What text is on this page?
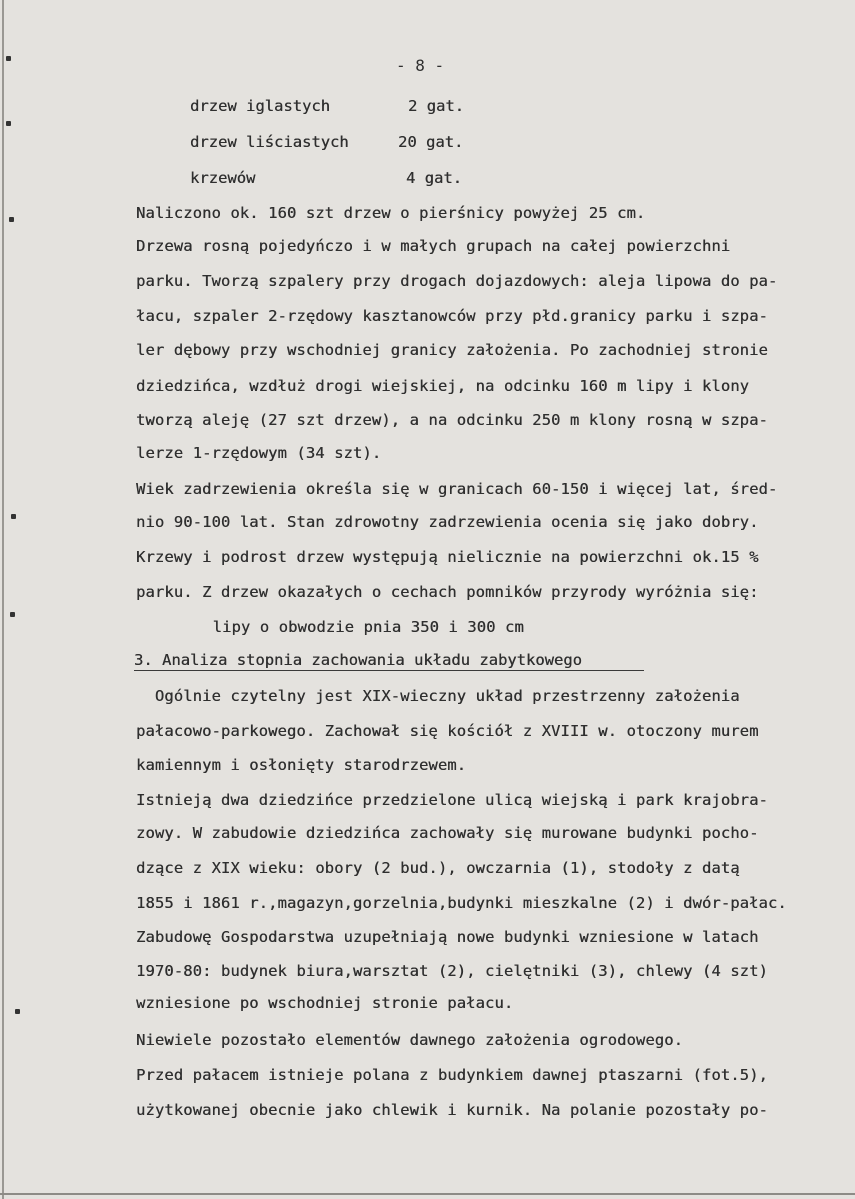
- 8 -
drzew iglastych	2 gat.
drzew liściastych	20 gat.
krzewów	4 gat.
Naliczono ok. 160 szt drzew o pierśnicy powyżej 25 cm.
Drzewa rosną pojedyńczo i w małych grupach na całej powierzchni
parku. Tworzą szpalery przy drogach dojazdowych: aleja lipowa do pa-
łacu, szpaler 2-rzędowy kasztanowców przy płd.granicy parku i szpa-
ler dębowy przy wschodniej granicy założenia. Po zachodniej stronie
dziedzińca, wzdłuż drogi wiejskiej, na odcinku 160 m lipy i klony
tworzą aleję (27 szt drzew), a na odcinku 250 m klony rosną w szpa-
lerze 1-rzędowym (34 szt).
Wiek zadrzewienia określa się w granicach 60-150 i więcej lat, śred-
nio 90-100 lat. Stan zdrowotny zadrzewienia ocenia się jako dobry.
Krzewy i podrost drzew występują nielicznie na powierzchni ok.15 %
parku. Z drzew okazałych o cechach pomników przyrody wyróżnia się:
lipy o obwodzie pnia 350 i 300 cm
3. Analiza stopnia zachowania układu zabytkowego
Ogólnie czytelny jest XIX-wieczny układ przestrzenny założenia
pałacowo-parkowego. Zachował się kościół z XVIII w. otoczony murem
kamiennym i osłonięty starodrzewem.
Istnieją dwa dziedzińce przedzielone ulicą wiejską i park krajobra-
zowy. W zabudowie dziedzińca zachowały się murowane budynki pocho-
dzące z XIX wieku: obory (2 bud.), owczarnia (1), stodoły z datą
1855 i 1861 r.,magazyn,gorzelnia,budynki mieszkalne (2) i dwór-pałac.
Zabudowę Gospodarstwa uzupełniają nowe budynki wzniesione w latach
1970-80: budynek biura,warsztat (2), cielętniki (3), chlewy (4 szt)
wzniesione po wschodniej stronie pałacu.
Niewiele pozostało elementów dawnego założenia ogrodowego.
Przed pałacem istnieje polana z budynkiem dawnej ptaszarni (fot.5),
użytkowanej obecnie jako chlewik i kurnik. Na polanie pozostały po-
